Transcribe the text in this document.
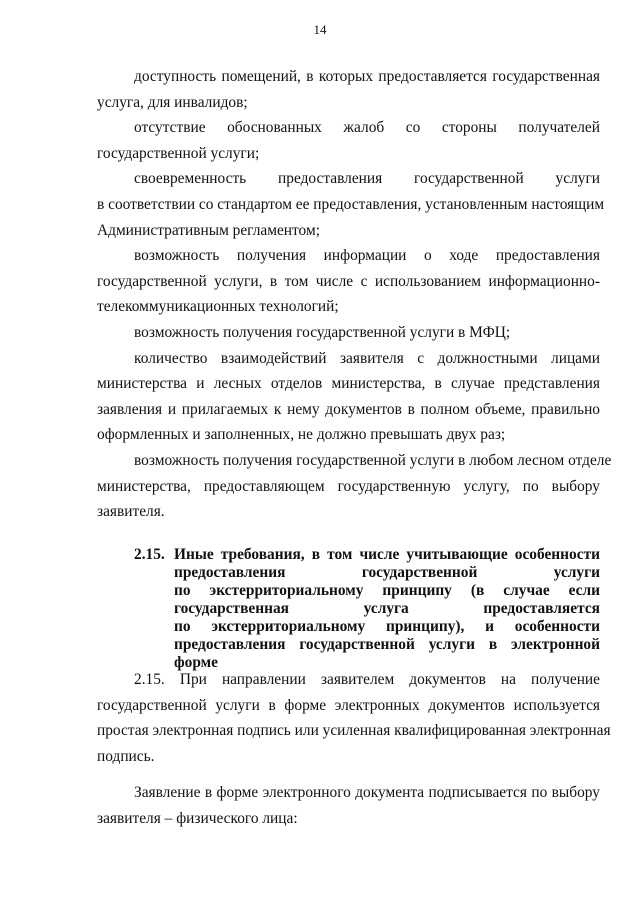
14
доступность помещений, в которых предоставляется государственная
услуга, для инвалидов;
отсутствие обоснованных жалоб со стороны получателей
государственной услуги;
своевременность предоставления государственной услуги
в соответствии со стандартом ее предоставления, установленным настоящим
Административным регламентом;
возможность получения информации о ходе предоставления
государственной услуги, в том числе с использованием информационно-
телекоммуникационных технологий;
возможность получения государственной услуги в МФЦ;
количество взаимодействий заявителя с должностными лицами
министерства и лесных отделов министерства, в случае представления
заявления и прилагаемых к нему документов в полном объеме, правильно
оформленных и заполненных, не должно превышать двух раз;
возможность получения государственной услуги в любом лесном отделе
министерства, предоставляющем государственную услугу, по выбору
заявителя.
2.15. Иные требования, в том числе учитывающие особенности
предоставления государственной услуги
по экстерриториальному принципу (в случае если
государственная услуга предоставляется
по экстерриториальному принципу), и особенности
предоставления государственной услуги в электронной форме
2.15. При направлении заявителем документов на получение
государственной услуги в форме электронных документов используется
простая электронная подпись или усиленная квалифицированная электронная
подпись.
Заявление в форме электронного документа подписывается по выбору
заявителя – физического лица:
